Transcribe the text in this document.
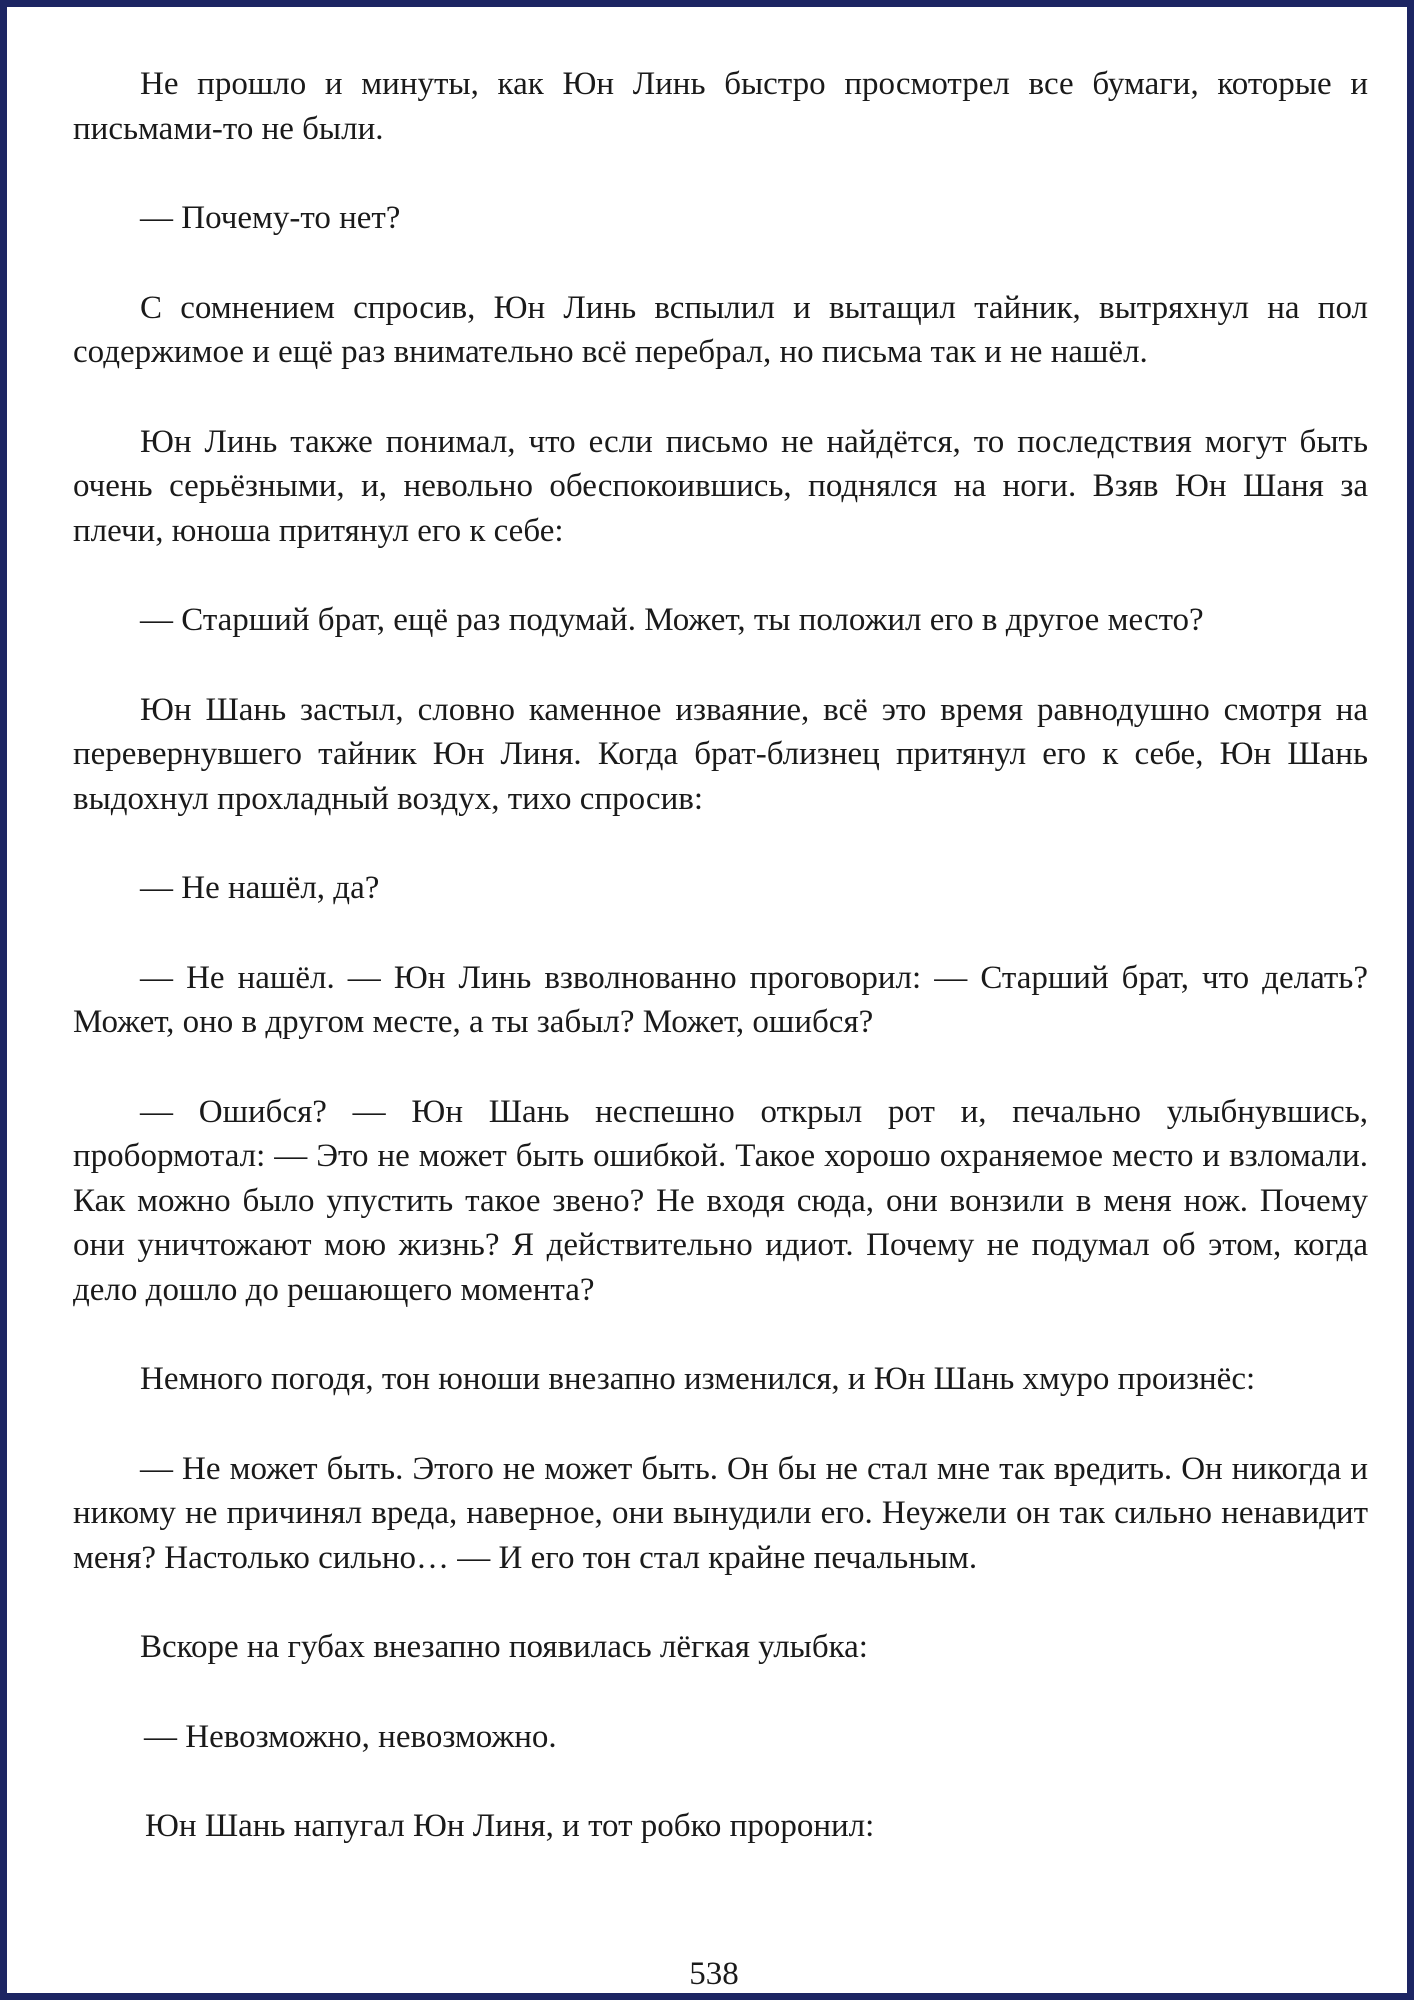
Не прошло и минуты, как Юн Линь быстро просмотрел все бумаги, которые и письмами-то не были.

— Почему-то нет?

С сомнением спросив, Юн Линь вспылил и вытащил тайник, вытряхнул на пол содержимое и ещё раз внимательно всё перебрал, но письма так и не нашёл.

Юн Линь также понимал, что если письмо не найдётся, то последствия могут быть очень серьёзными, и, невольно обеспокоившись, поднялся на ноги. Взяв Юн Шаня за плечи, юноша притянул его к себе:

— Старший брат, ещё раз подумай. Может, ты положил его в другое место?

Юн Шань застыл, словно каменное изваяние, всё это время равнодушно смотря на перевернувшего тайник Юн Линя. Когда брат-близнец притянул его к себе, Юн Шань выдохнул прохладный воздух, тихо спросив:

— Не нашёл, да?

— Не нашёл. — Юн Линь взволнованно проговорил: — Старший брат, что делать? Может, оно в другом месте, а ты забыл? Может, ошибся?

— Ошибся? — Юн Шань неспешно открыл рот и, печально улыбнувшись, пробормотал: — Это не может быть ошибкой. Такое хорошо охраняемое место и взломали. Как можно было упустить такое звено? Не входя сюда, они вонзили в меня нож. Почему они уничтожают мою жизнь? Я действительно идиот. Почему не подумал об этом, когда дело дошло до решающего момента?

Немного погодя, тон юноши внезапно изменился, и Юн Шань хмуро произнёс:

— Не может быть. Этого не может быть. Он бы не стал мне так вредить. Он никогда и никому не причинял вреда, наверное, они вынудили его. Неужели он так сильно ненавидит меня? Настолько сильно… — И его тон стал крайне печальным.

Вскоре на губах внезапно появилась лёгкая улыбка:

— Невозможно, невозможно.

Юн Шань напугал Юн Линя, и тот робко проронил:

538
